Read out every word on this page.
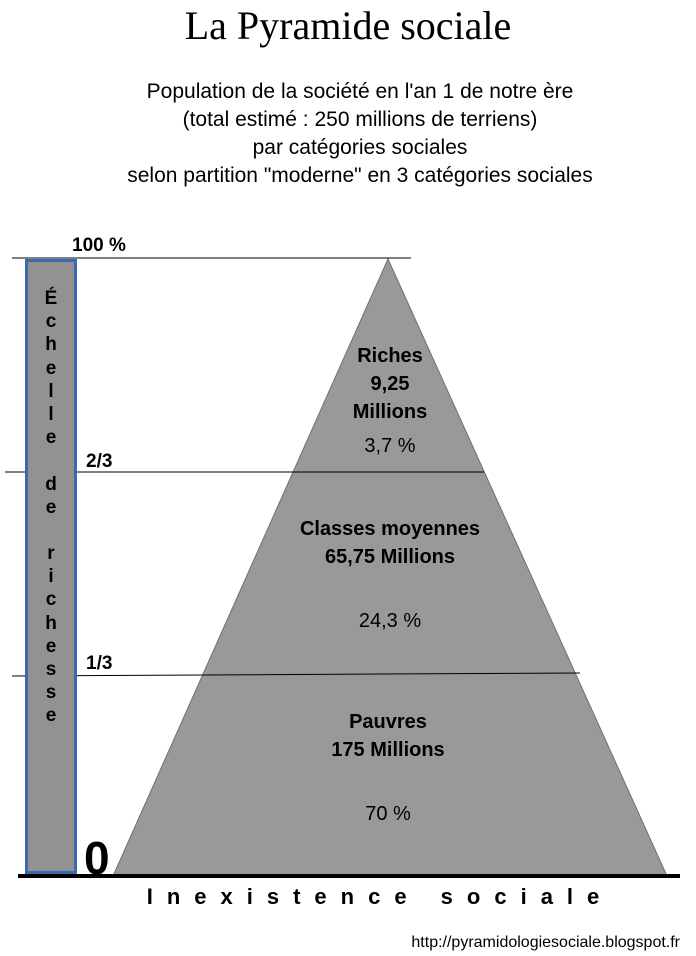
La Pyramide sociale
Population de la société en l'an 1 de notre ère
(total estimé : 250 millions de terriens)
par catégories sociales
selon partition "moderne" en 3 catégories sociales
É
c
h
e
l
l
e
d
e
r
i
c
h
e
s
s
e
100 %
2/3
1/3
0
Riches
9,25
Millions
3,7 %
Classes moyennes
65,75 Millions
24,3 %
Pauvres
175 Millions
70 %
Inexistence sociale
http://pyramidologiesociale.blogspot.fr
